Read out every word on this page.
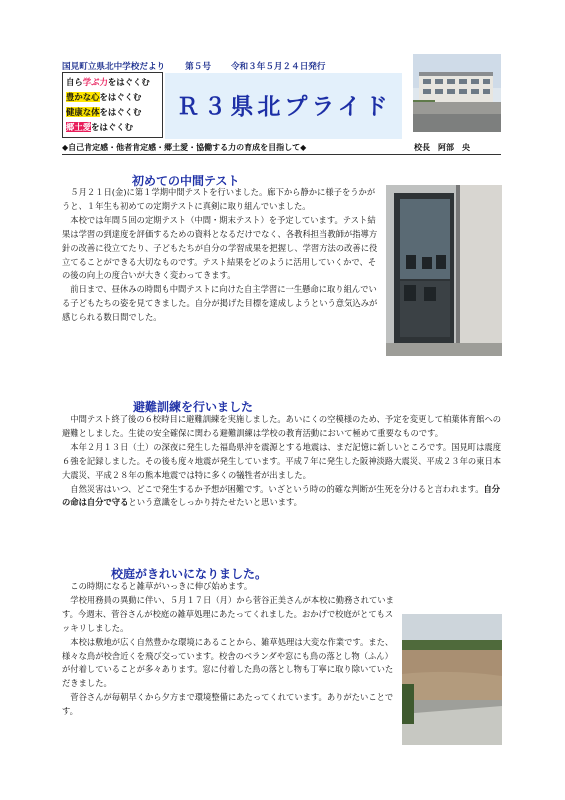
国見町立県北中学校だより 第５号 令和３年５月２４日発行
自ら学ぶ力をはぐくむ
豊かな心をはぐくむ
健康な体をはぐくむ
郷土愛をはぐくむ
Ｒ３県北プライド
◆自己肯定感・他者肯定感・郷土愛・協働する力の育成を目指して◆	校長　阿部　央
初めての中間テスト

　５月２１日(金)に第１学期中間テストを行いました。廊下から静かに様子をうかがうと、１年生も初めての定期テストに真剣に取り組んでいました。

　本校では年間５回の定期テスト（中間・期末テスト）を予定しています。テスト結果は学習の到達度を評価するための資料となるだけでなく、各教科担当教師が指導方針の改善に役立てたり、子どもたちが自分の学習成果を把握し、学習方法の改善に役立てることができる大切なものです。テスト結果をどのように活用していくかで、その後の向上の度合いが大きく変わってきます。

　前日まで、昼休みの時間も中間テストに向けた自主学習に一生懸命に取り組んでいる子どもたちの姿を見てきました。自分が掲げた目標を達成しようという意気込みが感じられる数日間でした。

避難訓練を行いました

　中間テスト終了後の６校時目に避難訓練を実施しました。あいにくの空模様のため、予定を変更して柏葉体育館への避難としました。生徒の安全確保に関わる避難訓練は学校の教育活動において極めて重要なものです。

　本年２月１３日（土）の深夜に発生した福島県沖を震源とする地震は、まだ記憶に新しいところです。国見町は震度６強を記録しました。その後も度々地震が発生しています。平成７年に発生した阪神淡路大震災、平成２３年の東日本大震災、平成２８年の熊本地震では特に多くの犠牲者が出ました。

　自然災害はいつ、どこで発生するか予想が困難です。いざという時の的確な判断が生死を分けると言われます。自分の命は自分で守るという意識をしっかり持たせたいと思います。

校庭がきれいになりました。

　この時期になると雑草がいっきに伸び始めます。

　学校用務員の異動に伴い、５月１７日（月）から菅谷正美さんが本校に勤務されています。今週末、菅谷さんが校庭の雑草処理にあたってくれました。おかげで校庭がとてもスッキリしました。

　本校は敷地が広く自然豊かな環境にあることから、雑草処理は大変な作業です。また、様々な鳥が校舎近くを飛び交っています。校舎のベランダや窓にも鳥の落とし物（ふん）が付着していることが多々あります。窓に付着した鳥の落とし物も丁寧に取り除いていただきました。

　菅谷さんが毎朝早くから夕方まで環境整備にあたってくれています。ありがたいことです。
